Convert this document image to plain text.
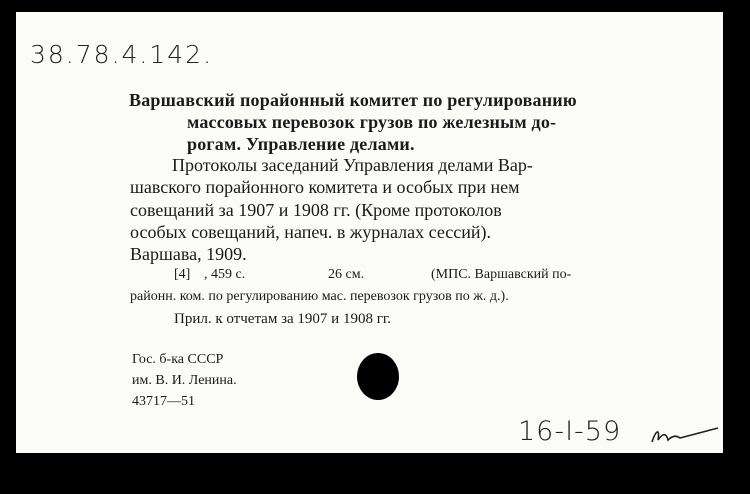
38.78.4.142.
Варшавский порайонный комитет по регулированию
массовых перевозок грузов по железным до-
рогам. Управление делами.
Протоколы заседаний Управления делами Вар-
шавского порайонного комитета и особых при нем
совещаний за 1907 и 1908 гг. (Кроме протоколов
особых совещаний, напеч. в журналах сессий).
Варшава, 1909.
[4] , 459 с.	26 см.	(МПС. Варшавский по-
районн. ком. по регулированию мас. перевозок грузов по ж. д.).
Прил. к отчетам за 1907 и 1908 гг.
Гос. б-ка СССР
им. В. И. Ленина.
43717—51
16-I-59
